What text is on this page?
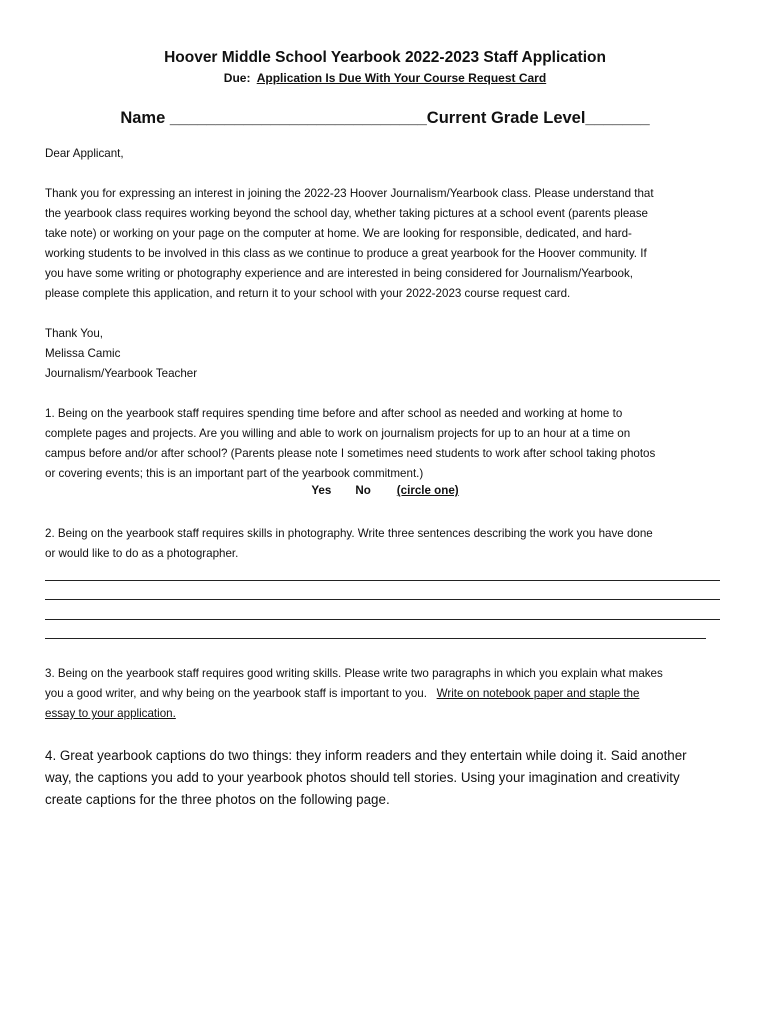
Hoover Middle School Yearbook 2022-2023 Staff Application
Due: Application Is Due With Your Course Request Card
Name ____________________________Current Grade Level_______

Dear Applicant,

Thank you for expressing an interest in joining the 2022-23 Hoover Journalism/Yearbook class. Please understand that
the yearbook class requires working beyond the school day, whether taking pictures at a school event (parents please
take note) or working on your page on the computer at home. We are looking for responsible, dedicated, and hard-
working students to be involved in this class as we continue to produce a great yearbook for the Hoover community. If
you have some writing or photography experience and are interested in being considered for Journalism/Yearbook,
please complete this application, and return it to your school with your 2022-2023 course request card.

Thank You,
Melissa Camic
Journalism/Yearbook Teacher

1. Being on the yearbook staff requires spending time before and after school as needed and working at home to
complete pages and projects. Are you willing and able to work on journalism projects for up to an hour at a time on
campus before and/or after school? (Parents please note I sometimes need students to work after school taking photos
or covering events; this is an important part of the yearbook commitment.)

Yes No (circle one)

2. Being on the yearbook staff requires skills in photography. Write three sentences describing the work you have done
or would like to do as a photographer.

3. Being on the yearbook staff requires good writing skills. Please write two paragraphs in which you explain what makes
you a good writer, and why being on the yearbook staff is important to you.   Write on notebook paper and staple the
essay to your application.

4. Great yearbook captions do two things: they inform readers and they entertain while doing it. Said another
way, the captions you add to your yearbook photos should tell stories. Using your imagination and creativity
create captions for the three photos on the following page.
